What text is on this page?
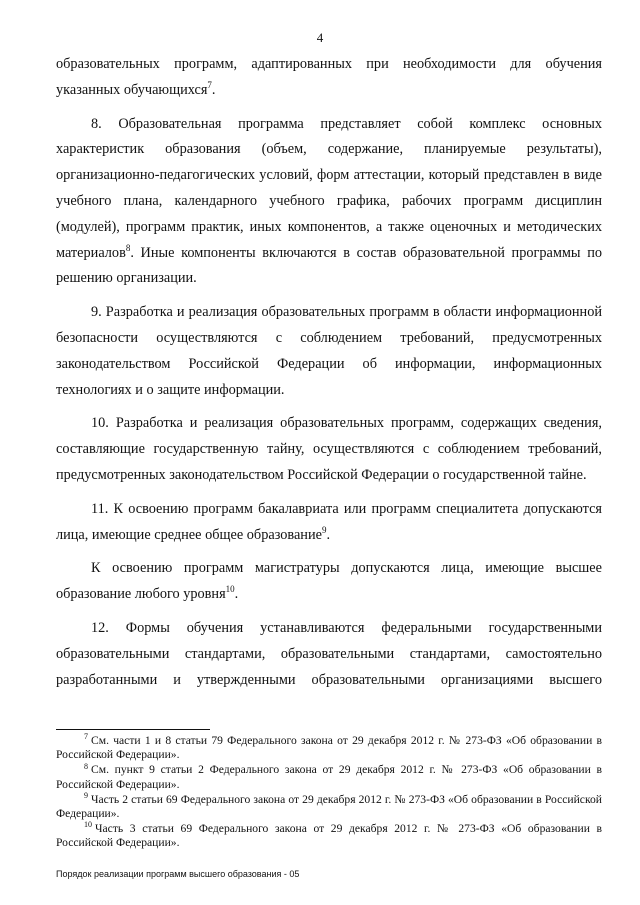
4

образовательных программ, адаптированных при необходимости для обучения указанных обучающихся$^7$.

8. Образовательная программа представляет собой комплекс основных характеристик образования (объем, содержание, планируемые результаты), организационно-педагогических условий, форм аттестации, который представлен в виде учебного плана, календарного учебного графика, рабочих программ дисциплин (модулей), программ практик, иных компонентов, а также оценочных и методических материалов$^8$. Иные компоненты включаются в состав образовательной программы по решению организации.

9. Разработка и реализация образовательных программ в области информационной безопасности осуществляются с соблюдением требований, предусмотренных законодательством Российской Федерации об информации, информационных технологиях и о защите информации.

10. Разработка и реализация образовательных программ, содержащих сведения, составляющие государственную тайну, осуществляются с соблюдением требований, предусмотренных законодательством Российской Федерации о государственной тайне.

11. К освоению программ бакалавриата или программ специалитета допускаются лица, имеющие среднее общее образование$^9$.

К освоению программ магистратуры допускаются лица, имеющие высшее образование любого уровня$^{10}$.

12. Формы обучения устанавливаются федеральными государственными образовательными стандартами, образовательными стандартами, самостоятельно разработанными и утвержденными образовательными организациями высшего

$^7$ См. части 1 и 8 статьи 79 Федерального закона от 29 декабря 2012 г. № 273-ФЗ «Об образовании в Российской Федерации».
$^8$ См. пункт 9 статьи 2 Федерального закона от 29 декабря 2012 г. № 273-ФЗ «Об образовании в Российской Федерации».
$^9$ Часть 2 статьи 69 Федерального закона от 29 декабря 2012 г. № 273-ФЗ «Об образовании в Российской Федерации».
$^{10}$ Часть 3 статьи 69 Федерального закона от 29 декабря 2012 г. № 273-ФЗ «Об образовании в Российской Федерации».
Порядок реализации программ высшего образования - 05
